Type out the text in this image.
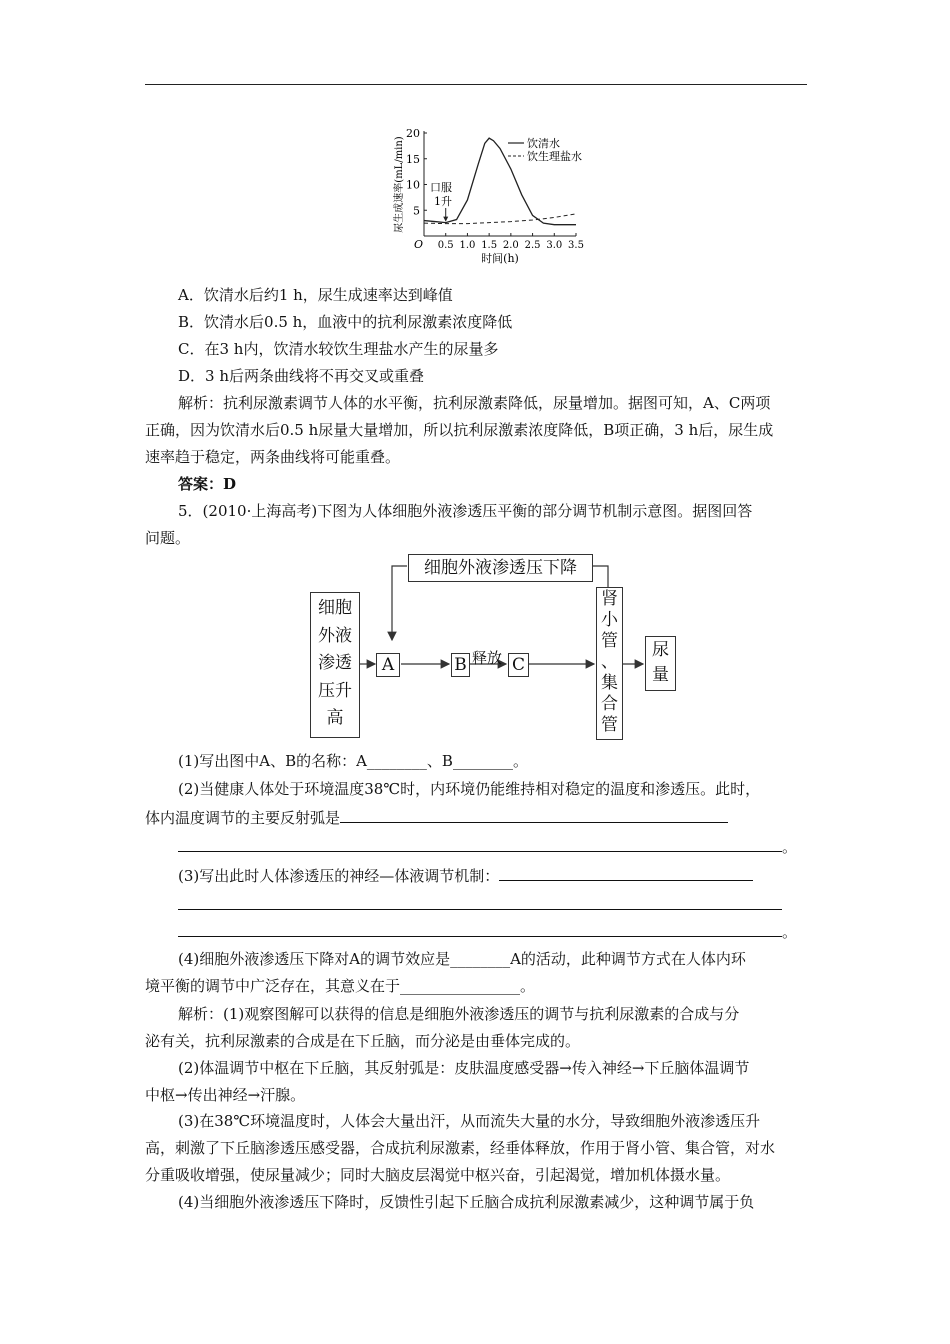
5
10
15
20
0.5 1.0 1.5 2.0 2.5 3.0 3.5
O
时间(h)
尿生成速率(mL/min)	饮清水
饮生理盐水
口服
1升
A．饮清水后约1 h，尿生成速率达到峰值
B．饮清水后0.5 h，血液中的抗利尿激素浓度降低
C．在3 h内，饮清水较饮生理盐水产生的尿量多
D．3 h后两条曲线将不再交叉或重叠
解析：抗利尿激素调节人体的水平衡，抗利尿激素降低，尿量增加。据图可知，A、C两项
正确，因为饮清水后0.5 h尿量大量增加，所以抗利尿激素浓度降低，B项正确，3 h后，尿生成
速率趋于稳定，两条曲线将可能重叠。
答案：D
5．(2010·上海高考)下图为人体细胞外液渗透压平衡的部分调节机制示意图。据图回答
问题。
细胞外液渗透压下降
细胞
外液
渗透
压升
高
A	B 释放 C
肾
小
管
、
集
合
管
尿
量
(1)写出图中A、B的名称：A________、B________。
(2)当健康人体处于环境温度38℃时，内环境仍能维持相对稳定的温度和渗透压。此时，
体内温度调节的主要反射弧是
。
(3)写出此时人体渗透压的神经—体液调节机制：
。
(4)细胞外液渗透压下降对A的调节效应是________A的活动，此种调节方式在人体内环
境平衡的调节中广泛存在，其意义在于________________。
解析：(1)观察图解可以获得的信息是细胞外液渗透压的调节与抗利尿激素的合成与分
泌有关，抗利尿激素的合成是在下丘脑，而分泌是由垂体完成的。
(2)体温调节中枢在下丘脑，其反射弧是：皮肤温度感受器→传入神经→下丘脑体温调节
中枢→传出神经→汗腺。
(3)在38℃环境温度时，人体会大量出汗，从而流失大量的水分，导致细胞外液渗透压升
高，刺激了下丘脑渗透压感受器，合成抗利尿激素，经垂体释放，作用于肾小管、集合管，对水
分重吸收增强，使尿量减少；同时大脑皮层渴觉中枢兴奋，引起渴觉，增加机体摄水量。
(4)当细胞外液渗透压下降时，反馈性引起下丘脑合成抗利尿激素减少，这种调节属于负
